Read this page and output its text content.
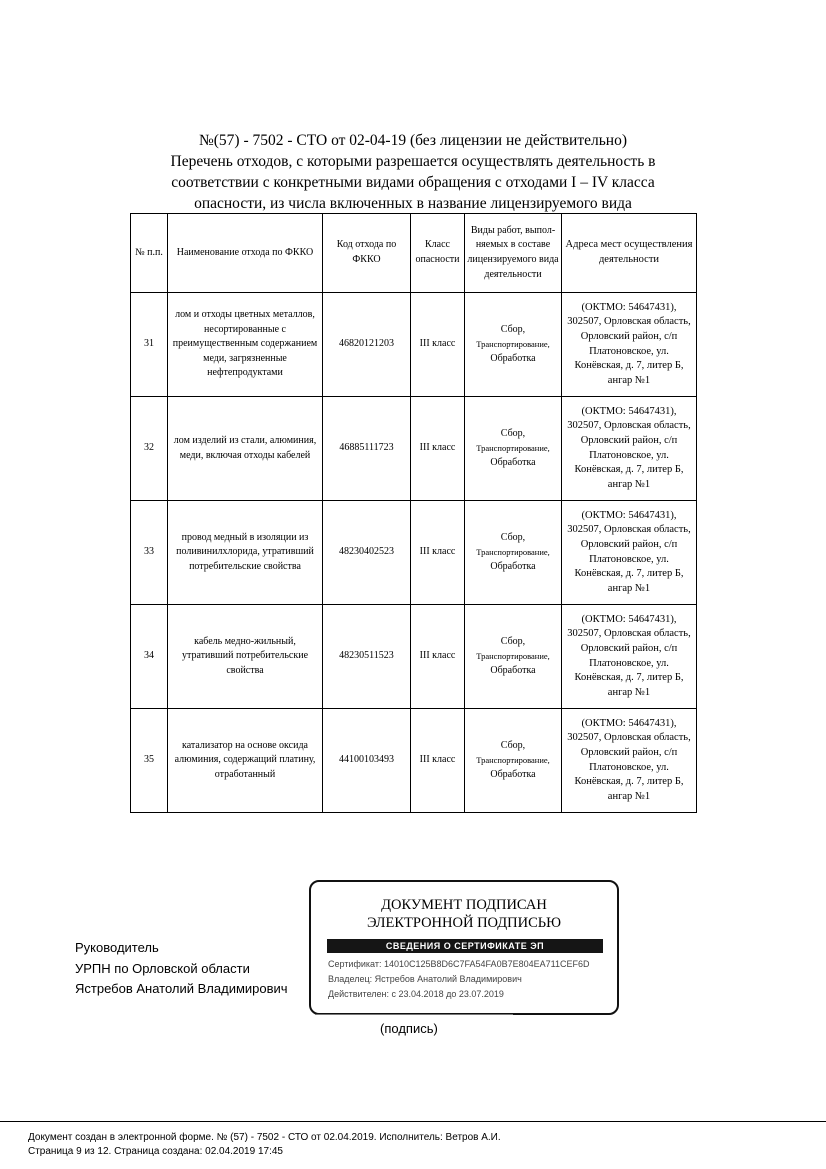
№(57) - 7502 - СТО от 02-04-19 (без лицензии не действительно)
Перечень отходов, с которыми разрешается осуществлять деятельность в
соответствии с конкретными видами обращения с отходами I – IV класса
опасности, из числа включенных в название лицензируемого вида
№ п.п.	Наименование отхода по ФККО	Код отхода по ФККО	Класс опасности	Виды работ, выпол-няемых в составе лицензируемого вида деятельности	Адреса мест осуществления деятельности
31	лом и отходы цветных металлов, несортированные с преимущественным содержанием меди, загрязненные нефтепродуктами	46820121203	III класс	Сбор,
Транспортирование,
Обработка	(ОКТМО: 54647431), 302507, Орловская область, Орловский район, с/п Платоновское, ул. Конёвская, д. 7, литер Б, ангар №1
32	лом изделий из стали, алюминия, меди, включая отходы кабелей	46885111723	III класс	Сбор,
Транспортирование,
Обработка	(ОКТМО: 54647431), 302507, Орловская область, Орловский район, с/п Платоновское, ул. Конёвская, д. 7, литер Б, ангар №1
33	провод медный в изоляции из поливинилхлорида, утративший потребительские свойства	48230402523	III класс	Сбор,
Транспортирование,
Обработка	(ОКТМО: 54647431), 302507, Орловская область, Орловский район, с/п Платоновское, ул. Конёвская, д. 7, литер Б, ангар №1
34	кабель медно-жильный, утративший потребительские свойства	48230511523	III класс	Сбор,
Транспортирование,
Обработка	(ОКТМО: 54647431), 302507, Орловская область, Орловский район, с/п Платоновское, ул. Конёвская, д. 7, литер Б, ангар №1
35	катализатор на основе оксида алюминия, содержащий платину, отработанный	44100103493	III класс	Сбор,
Транспортирование,
Обработка	(ОКТМО: 54647431), 302507, Орловская область, Орловский район, с/п Платоновское, ул. Конёвская, д. 7, литер Б, ангар №1
Руководитель
УРПН по Орловской области
Ястребов Анатолий Владимирович
ДОКУМЕНТ ПОДПИСАН
ЭЛЕКТРОННОЙ ПОДПИСЬЮ
СВЕДЕНИЯ О СЕРТИФИКАТЕ ЭП
Сертификат: 14010C125B8D6C7FA54FA0B7E804EA711CEF6D
Владелец: Ястребов Анатолий Владимирович
Действителен: с 23.04.2018 до 23.07.2019
(подпись)
Документ создан в электронной форме. № (57) - 7502 - СТО от 02.04.2019. Исполнитель: Ветров А.И.
Страница 9 из 12. Страница создана: 02.04.2019 17:45
